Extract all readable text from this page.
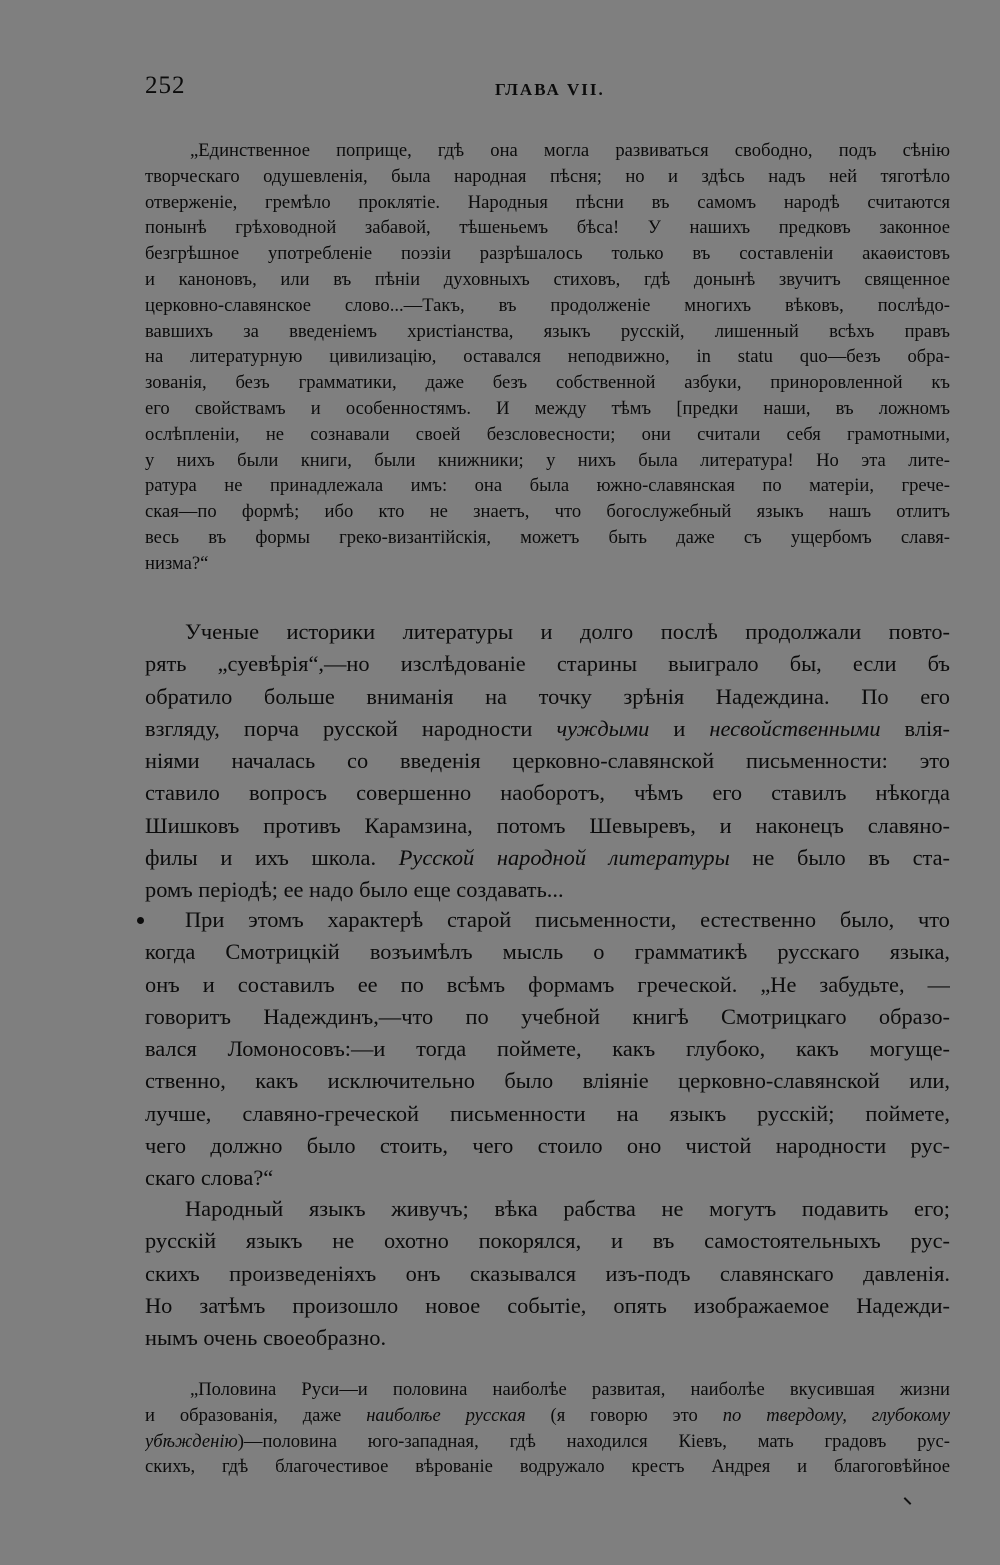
252	ГЛАВА VII.
„Единственное поприще, гдѣ она могла развиваться свободно, подъ сѣнію
творческаго одушевленія, была народная пѣсня; но и здѣсь надъ ней тяготѣло
отверженіе, гремѣло проклятіе. Народныя пѣсни въ самомъ народѣ считаются
понынѣ грѣховодной забавой, тѣшеньемъ бѣса! У нашихъ предковъ законное
безгрѣшное употребленіе поэзіи разрѣшалось только въ составленіи акаѳистовъ
и каноновъ, или въ пѣніи духовныхъ стиховъ, гдѣ донынѣ звучитъ священное
церковно-славянское слово...—Такъ, въ продолженіе многихъ вѣковъ, послѣдо-
вавшихъ за введеніемъ христіанства, языкъ русскій, лишенный всѣхъ правъ
на литературную цивилизацію, оставался неподвижно, in statu quo—безъ обра-
зованія, безъ грамматики, даже безъ собственной азбуки, приноровленной къ
его свойствамъ и особенностямъ. И между тѣмъ [предки наши, въ ложномъ
ослѣпленіи, не сознавали своей безсловесности; они считали себя грамотными,
у нихъ были книги, были книжники; у нихъ была литература! Но эта лите-
ратура не принадлежала имъ: она была южно-славянская по матеріи, грече-
ская—по формѣ; ибо кто не знаетъ, что богослужебный языкъ нашъ отлитъ
весь въ формы греко-византійскія, можетъ быть даже съ ущербомъ славя-
низма?“
Ученые историки литературы и долго послѣ продолжали повто-
рять „суевѣрія“,—но изслѣдованіе старины выиграло бы, если бъ
обратило больше вниманія на точку зрѣнія Надеждина. По его
взгляду, порча русской народности чуждыми и несвойственными влія-
ніями началась со введенія церковно-славянской письменности: это
ставило вопросъ совершенно наоборотъ, чѣмъ его ставилъ нѣкогда
Шишковъ противъ Карамзина, потомъ Шевыревъ, и наконецъ славяно-
филы и ихъ школа. Русской народной литературы не было въ ста-
ромъ періодѣ; ее надо было еще создавать...
При этомъ характерѣ старой письменности, естественно было, что
когда Смотрицкій возъимѣлъ мысль о грамматикѣ русскаго языка,
онъ и составилъ ее по всѣмъ формамъ греческой. „Не забудьте, —
говоритъ Надеждинъ,—что по учебной книгѣ Смотрицкаго образо-
вался Ломоносовъ:—и тогда поймете, какъ глубоко, какъ могуще-
ственно, какъ исключительно было вліяніе церковно-славянской или,
лучше, славяно-греческой письменности на языкъ русскій; поймете,
чего должно было стоить, чего стоило оно чистой народности рус-
скаго слова?“
Народный языкъ живучъ; вѣка рабства не могутъ подавить его;
русскій языкъ не охотно покорялся, и въ самостоятельныхъ рус-
скихъ произведеніяхъ онъ сказывался изъ-подъ славянскаго давленія.
Но затѣмъ произошло новое событіе, опять изображаемое Надежди-
нымъ очень своеобразно.
„Половина Руси—и половина наиболѣе развитая, наиболѣе вкусившая жизни
и образованія, даже наиболѣе русская (я говорю это по твердому, глубокому
убѣжденію)—половина юго-западная, гдѣ находился Кіевъ, мать градовъ рус-
скихъ, гдѣ благочестивое вѣрованіе водружало крестъ Андрея и благоговѣйное
